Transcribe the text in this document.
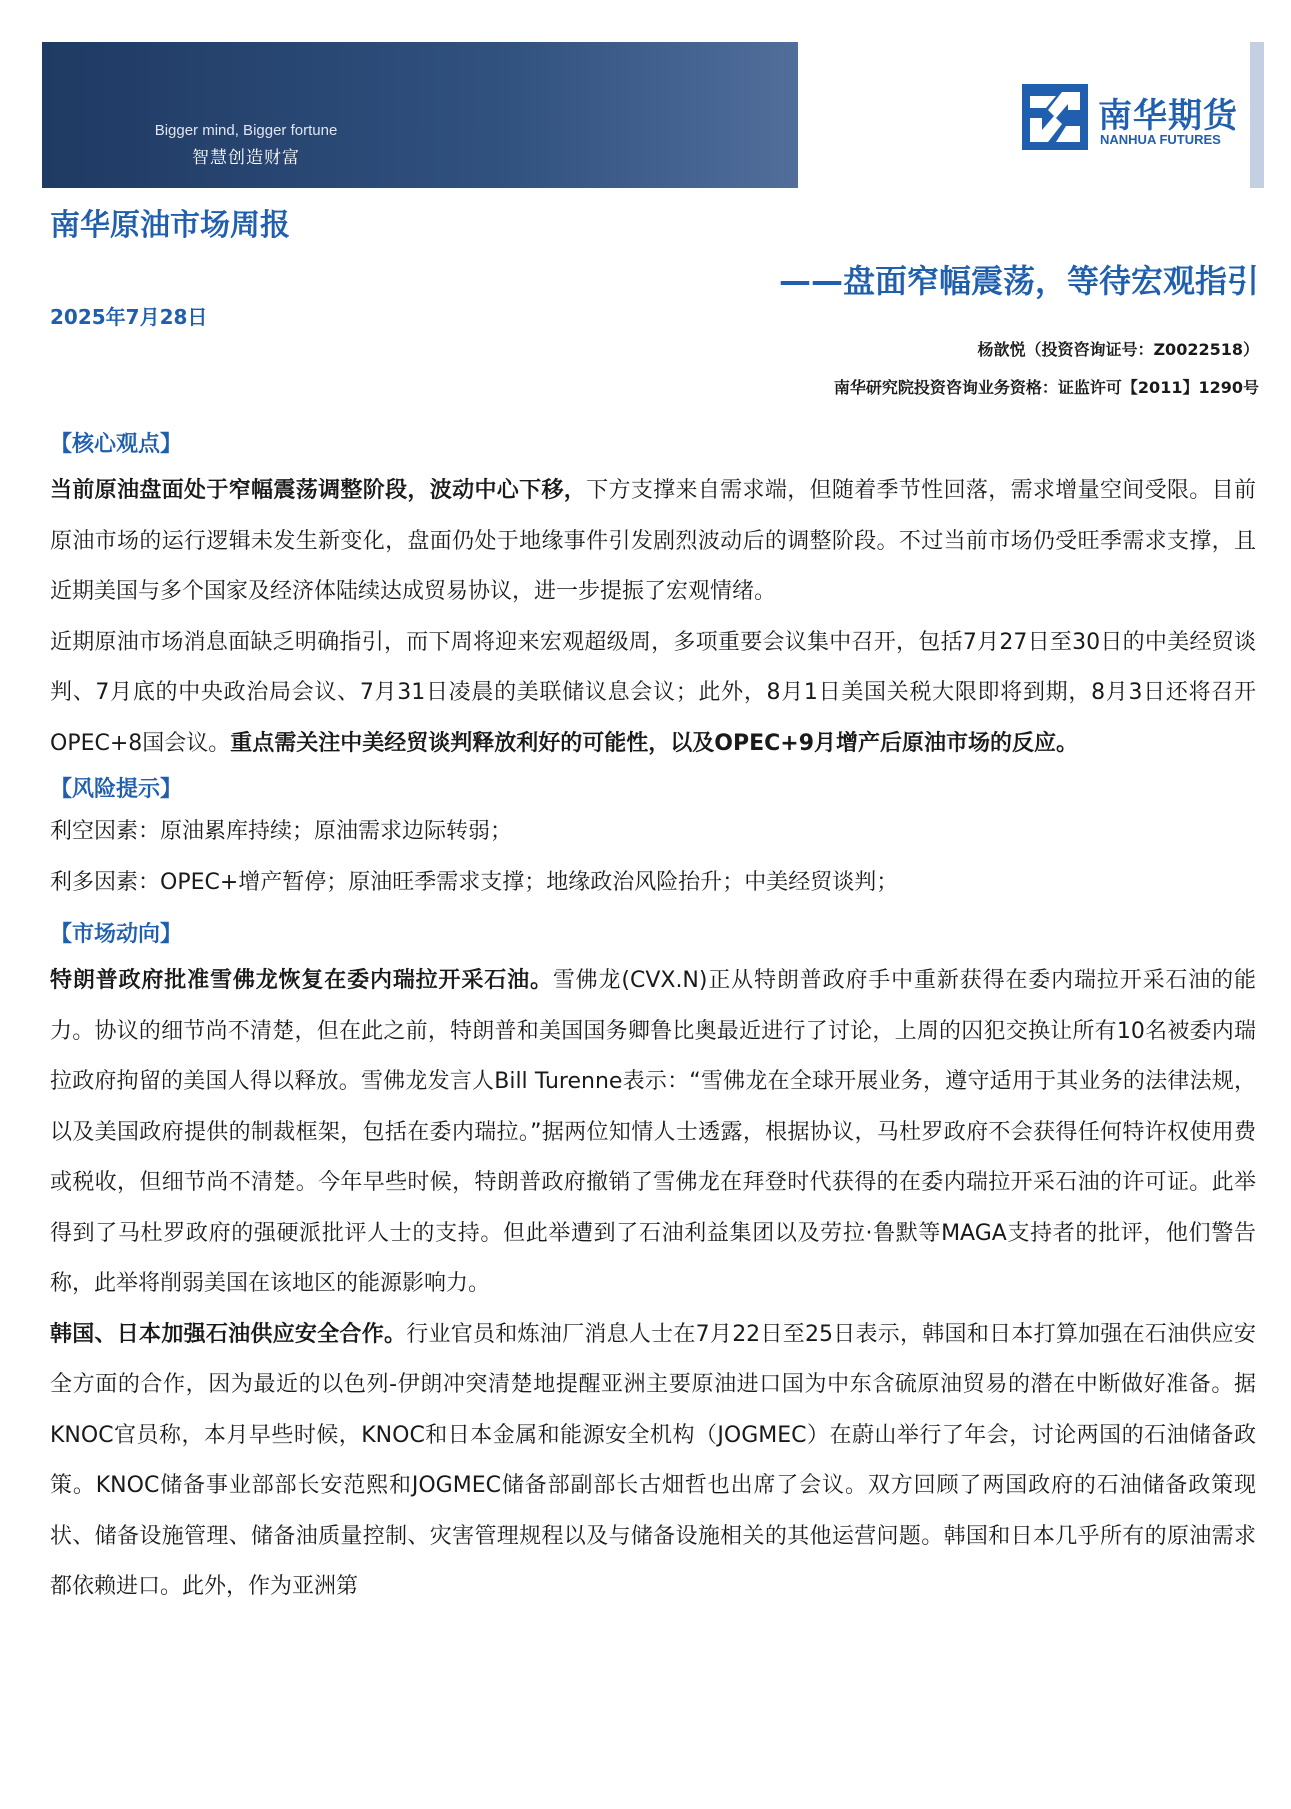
Bigger mind, Bigger fortune
智慧创造财富
南华期货
NANHUA FUTURES
南华原油市场周报
——盘面窄幅震荡，等待宏观指引
2025年7月28日
杨歆悦（投资咨询证号：Z0022518）
南华研究院投资咨询业务资格：证监许可【2011】1290号
【核心观点】

当前原油盘面处于窄幅震荡调整阶段，波动中心下移，下方支撑来自需求端，但随着季节性回落，需求增量空间受限。目前原油市场的运行逻辑未发生新变化，盘面仍处于地缘事件引发剧烈波动后的调整阶段。不过当前市场仍受旺季需求支撑，且近期美国与多个国家及经济体陆续达成贸易协议，进一步提振了宏观情绪。

近期原油市场消息面缺乏明确指引，而下周将迎来宏观超级周，多项重要会议集中召开，包括7月27日至30日的中美经贸谈判、7月底的中央政治局会议、7月31日凌晨的美联储议息会议；此外，8月1日美国关税大限即将到期，8月3日还将召开OPEC+8国会议。重点需关注中美经贸谈判释放利好的可能性，以及OPEC+9月增产后原油市场的反应。

【风险提示】

利空因素：原油累库持续；原油需求边际转弱；

利多因素：OPEC+增产暂停；原油旺季需求支撑；地缘政治风险抬升；中美经贸谈判；

【市场动向】

特朗普政府批准雪佛龙恢复在委内瑞拉开采石油。雪佛龙(CVX.N)正从特朗普政府手中重新获得在委内瑞拉开采石油的能力。协议的细节尚不清楚，但在此之前，特朗普和美国国务卿鲁比奥最近进行了讨论，上周的囚犯交换让所有10名被委内瑞拉政府拘留的美国人得以释放。雪佛龙发言人Bill Turenne表示：“雪佛龙在全球开展业务，遵守适用于其业务的法律法规，以及美国政府提供的制裁框架，包括在委内瑞拉。”据两位知情人士透露，根据协议，马杜罗政府不会获得任何特许权使用费或税收，但细节尚不清楚。今年早些时候，特朗普政府撤销了雪佛龙在拜登时代获得的在委内瑞拉开采石油的许可证。此举得到了马杜罗政府的强硬派批评人士的支持。但此举遭到了石油利益集团以及劳拉·鲁默等MAGA支持者的批评，他们警告称，此举将削弱美国在该地区的能源影响力。

韩国、日本加强石油供应安全合作。行业官员和炼油厂消息人士在7月22日至25日表示，韩国和日本打算加强在石油供应安全方面的合作，因为最近的以色列-伊朗冲突清楚地提醒亚洲主要原油进口国为中东含硫原油贸易的潜在中断做好准备。据KNOC官员称，本月早些时候，KNOC和日本金属和能源安全机构（JOGMEC）在蔚山举行了年会，讨论两国的石油储备政策。KNOC储备事业部部长安范熙和JOGMEC储备部副部长古畑哲也出席了会议。双方回顾了两国政府的石油储备政策现状、储备设施管理、储备油质量控制、灾害管理规程以及与储备设施相关的其他运营问题。韩国和日本几乎所有的原油需求都依赖进口。此外，作为亚洲第
